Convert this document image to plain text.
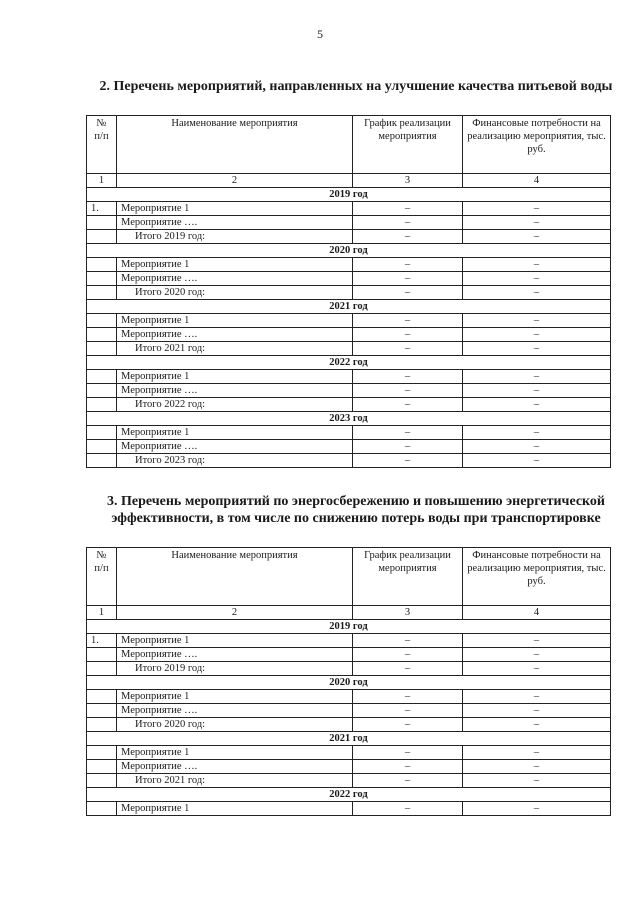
5
2. Перечень мероприятий, направленных на улучшение качества питьевой воды
№ п/п	Наименование мероприятия	График реализации мероприятия	Финансовые потребности на реализацию мероприятия, тыс. руб.
1	2	3	4
2019 год			
1.	Мероприятие 1	–	–
	Мероприятие ….	–	–
	Итого 2019 год:	–	–
2020 год			
	Мероприятие 1	–	–
	Мероприятие ….	–	–
	Итого 2020 год:	–	–
2021 год			
	Мероприятие 1	–	–
	Мероприятие ….	–	–
	Итого 2021 год:	–	–
2022 год			
	Мероприятие 1	–	–
	Мероприятие ….	–	–
	Итого 2022 год:	–	–
2023 год			
	Мероприятие 1	–	–
	Мероприятие ….	–	–
	Итого 2023 год:	–	–
3. Перечень мероприятий по энергосбережению и повышению энергетической эффективности, в том числе по снижению потерь воды при транспортировке
№ п/п	Наименование мероприятия	График реализации мероприятия	Финансовые потребности на реализацию мероприятия, тыс. руб.
1	2	3	4
2019 год			
1.	Мероприятие 1	–	–
	Мероприятие ….	–	–
	Итого 2019 год:	–	–
2020 год			
	Мероприятие 1	–	–
	Мероприятие ….	–	–
	Итого 2020 год:	–	–
2021 год			
	Мероприятие 1	–	–
	Мероприятие ….	–	–
	Итого 2021 год:	–	–
2022 год			
	Мероприятие 1	–	–
